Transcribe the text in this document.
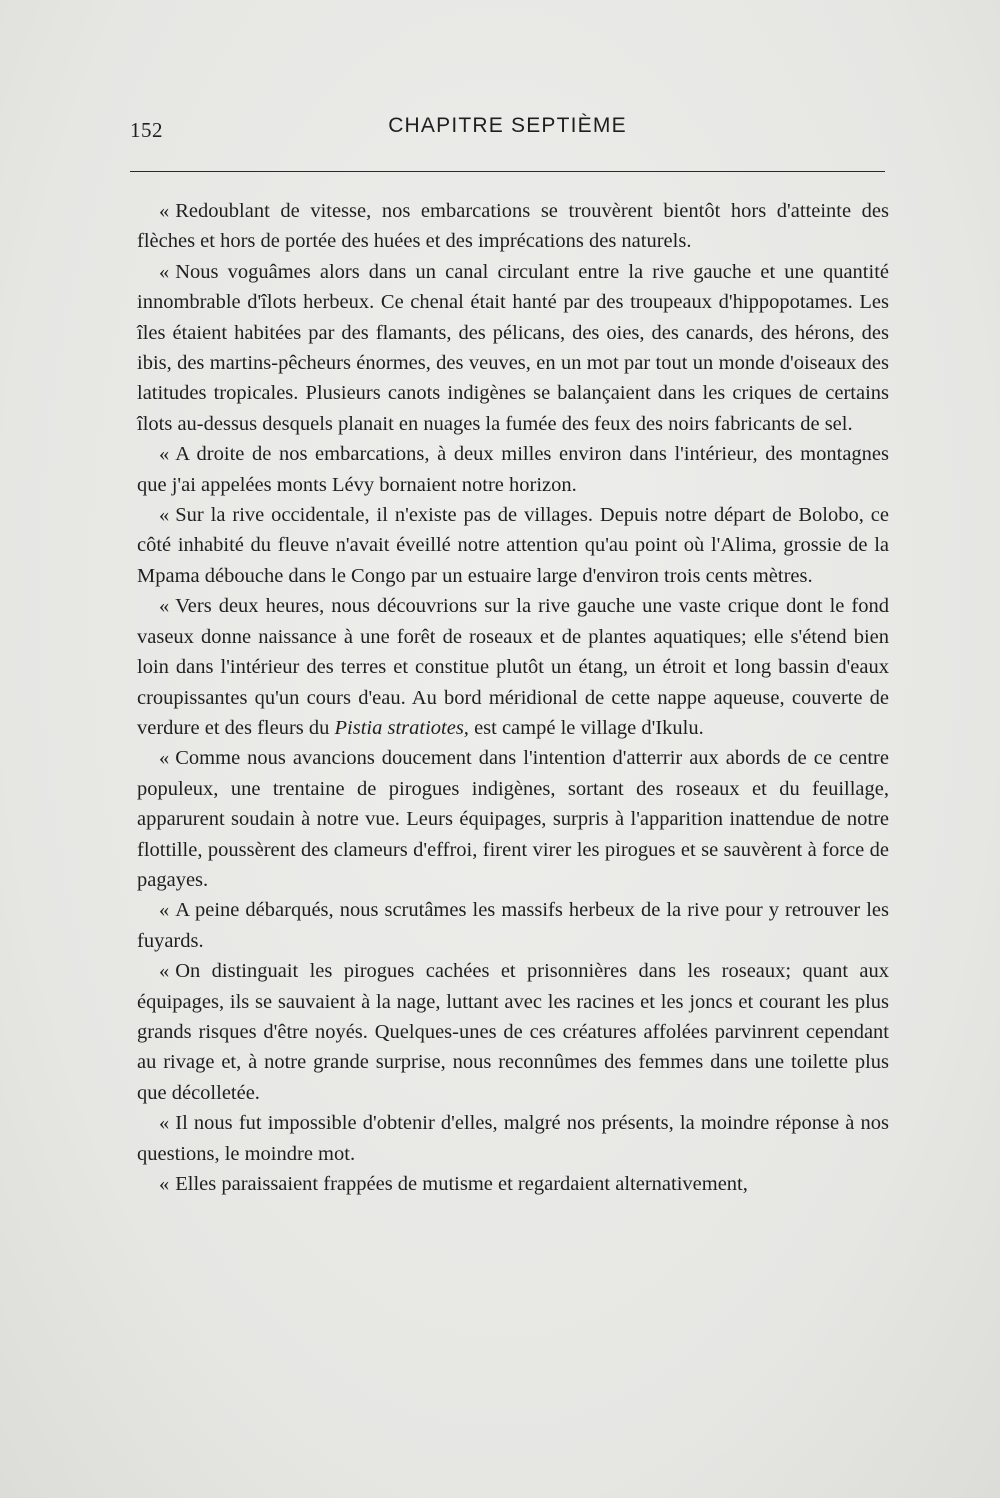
152	CHAPITRE SEPTIÈME

« Redoublant de vitesse, nos embarcations se trouvèrent bientôt hors d'atteinte des flèches et hors de portée des huées et des imprécations des naturels.

« Nous voguâmes alors dans un canal circulant entre la rive gauche et une quantité innombrable d'îlots herbeux. Ce chenal était hanté par des troupeaux d'hippopotames. Les îles étaient habitées par des flamants, des pélicans, des oies, des canards, des hérons, des ibis, des martins-pêcheurs énormes, des veuves, en un mot par tout un monde d'oiseaux des latitudes tropicales. Plusieurs canots indigènes se balançaient dans les criques de certains îlots au-dessus desquels planait en nuages la fumée des feux des noirs fabricants de sel.

« A droite de nos embarcations, à deux milles environ dans l'intérieur, des montagnes que j'ai appelées monts Lévy bornaient notre horizon.

« Sur la rive occidentale, il n'existe pas de villages. Depuis notre départ de Bolobo, ce côté inhabité du fleuve n'avait éveillé notre attention qu'au point où l'Alima, grossie de la Mpama débouche dans le Congo par un estuaire large d'environ trois cents mètres.

« Vers deux heures, nous découvrions sur la rive gauche une vaste crique dont le fond vaseux donne naissance à une forêt de roseaux et de plantes aquatiques; elle s'étend bien loin dans l'intérieur des terres et constitue plutôt un étang, un étroit et long bassin d'eaux croupissantes qu'un cours d'eau. Au bord méridional de cette nappe aqueuse, couverte de verdure et des fleurs du Pistia stratiotes, est campé le village d'Ikulu.

« Comme nous avancions doucement dans l'intention d'atterrir aux abords de ce centre populeux, une trentaine de pirogues indigènes, sortant des roseaux et du feuillage, apparurent soudain à notre vue. Leurs équipages, surpris à l'apparition inattendue de notre flottille, poussèrent des clameurs d'effroi, firent virer les pirogues et se sauvèrent à force de pagayes.

« A peine débarqués, nous scrutâmes les massifs herbeux de la rive pour y retrouver les fuyards.

« On distinguait les pirogues cachées et prisonnières dans les roseaux; quant aux équipages, ils se sauvaient à la nage, luttant avec les racines et les joncs et courant les plus grands risques d'être noyés. Quelques-unes de ces créatures affolées parvinrent cependant au rivage et, à notre grande surprise, nous reconnûmes des femmes dans une toilette plus que décolletée.

« Il nous fut impossible d'obtenir d'elles, malgré nos présents, la moindre réponse à nos questions, le moindre mot.

« Elles paraissaient frappées de mutisme et regardaient alternativement,
